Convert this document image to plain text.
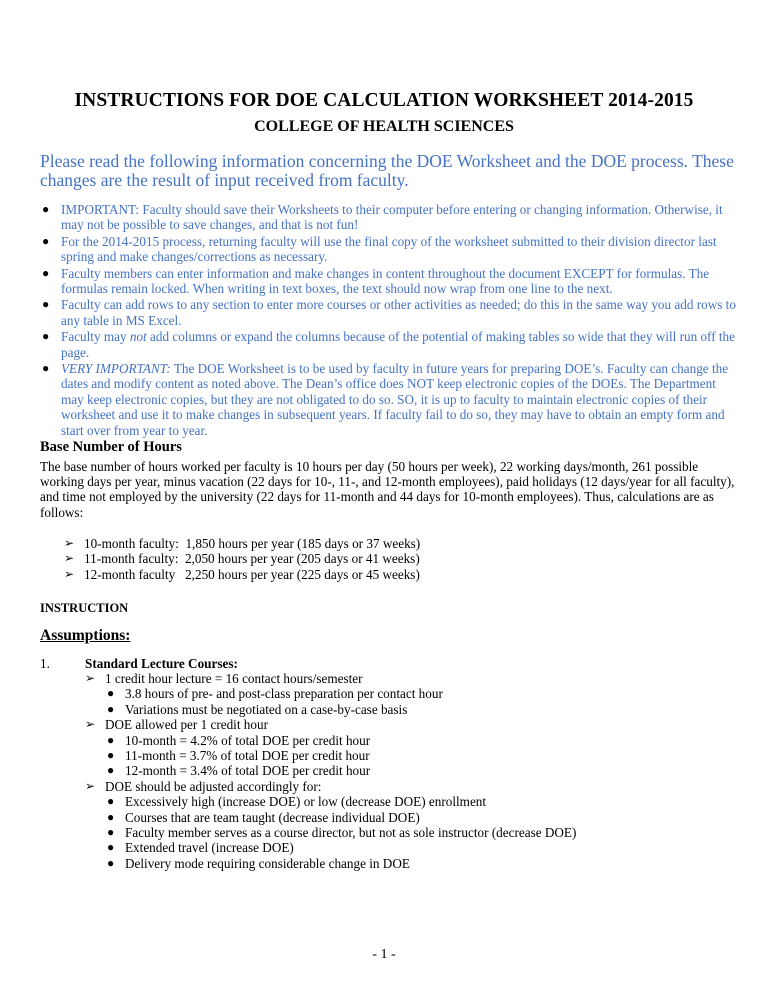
INSTRUCTIONS FOR DOE CALCULATION WORKSHEET 2014-2015
COLLEGE OF HEALTH SCIENCES
Please read the following information concerning the DOE Worksheet and the DOE process. These changes are the result of input received from faculty.
● IMPORTANT: Faculty should save their Worksheets to their computer before entering or changing information. Otherwise, it may not be possible to save changes, and that is not fun!
● For the 2014-2015 process, returning faculty will use the final copy of the worksheet submitted to their division director last spring and make changes/corrections as necessary.
● Faculty members can enter information and make changes in content throughout the document EXCEPT for formulas. The formulas remain locked. When writing in text boxes, the text should now wrap from one line to the next.
● Faculty can add rows to any section to enter more courses or other activities as needed; do this in the same way you add rows to any table in MS Excel.
● Faculty may not add columns or expand the columns because of the potential of making tables so wide that they will run off the page.
● VERY IMPORTANT: The DOE Worksheet is to be used by faculty in future years for preparing DOE’s. Faculty can change the dates and modify content as noted above. The Dean’s office does NOT keep electronic copies of the DOEs. The Department may keep electronic copies, but they are not obligated to do so. SO, it is up to faculty to maintain electronic copies of their worksheet and use it to make changes in subsequent years. If faculty fail to do so, they may have to obtain an empty form and start over from year to year.
Base Number of Hours
The base number of hours worked per faculty is 10 hours per day (50 hours per week), 22 working days/month, 261 possible working days per year, minus vacation (22 days for 10-, 11-, and 12-month employees), paid holidays (12 days/year for all faculty), and time not employed by the university (22 days for 11-month and 44 days for 10-month employees). Thus, calculations are as follows:
➢ 10-month faculty:  1,850 hours per year (185 days or 37 weeks)
➢ 11-month faculty:  2,050 hours per year (205 days or 41 weeks)
➢ 12-month faculty   2,250 hours per year (225 days or 45 weeks)
INSTRUCTION
Assumptions:
1.	Standard Lecture Courses:
➢ 1 credit hour lecture = 16 contact hours/semester
● 3.8 hours of pre- and post-class preparation per contact hour
● Variations must be negotiated on a case-by-case basis
➢ DOE allowed per 1 credit hour
● 10-month = 4.2% of total DOE per credit hour
● 11-month = 3.7% of total DOE per credit hour
● 12-month = 3.4% of total DOE per credit hour
➢ DOE should be adjusted accordingly for:
● Excessively high (increase DOE) or low (decrease DOE) enrollment
● Courses that are team taught (decrease individual DOE)
● Faculty member serves as a course director, but not as sole instructor (decrease DOE)
● Extended travel (increase DOE)
● Delivery mode requiring considerable change in DOE
- 1 -
